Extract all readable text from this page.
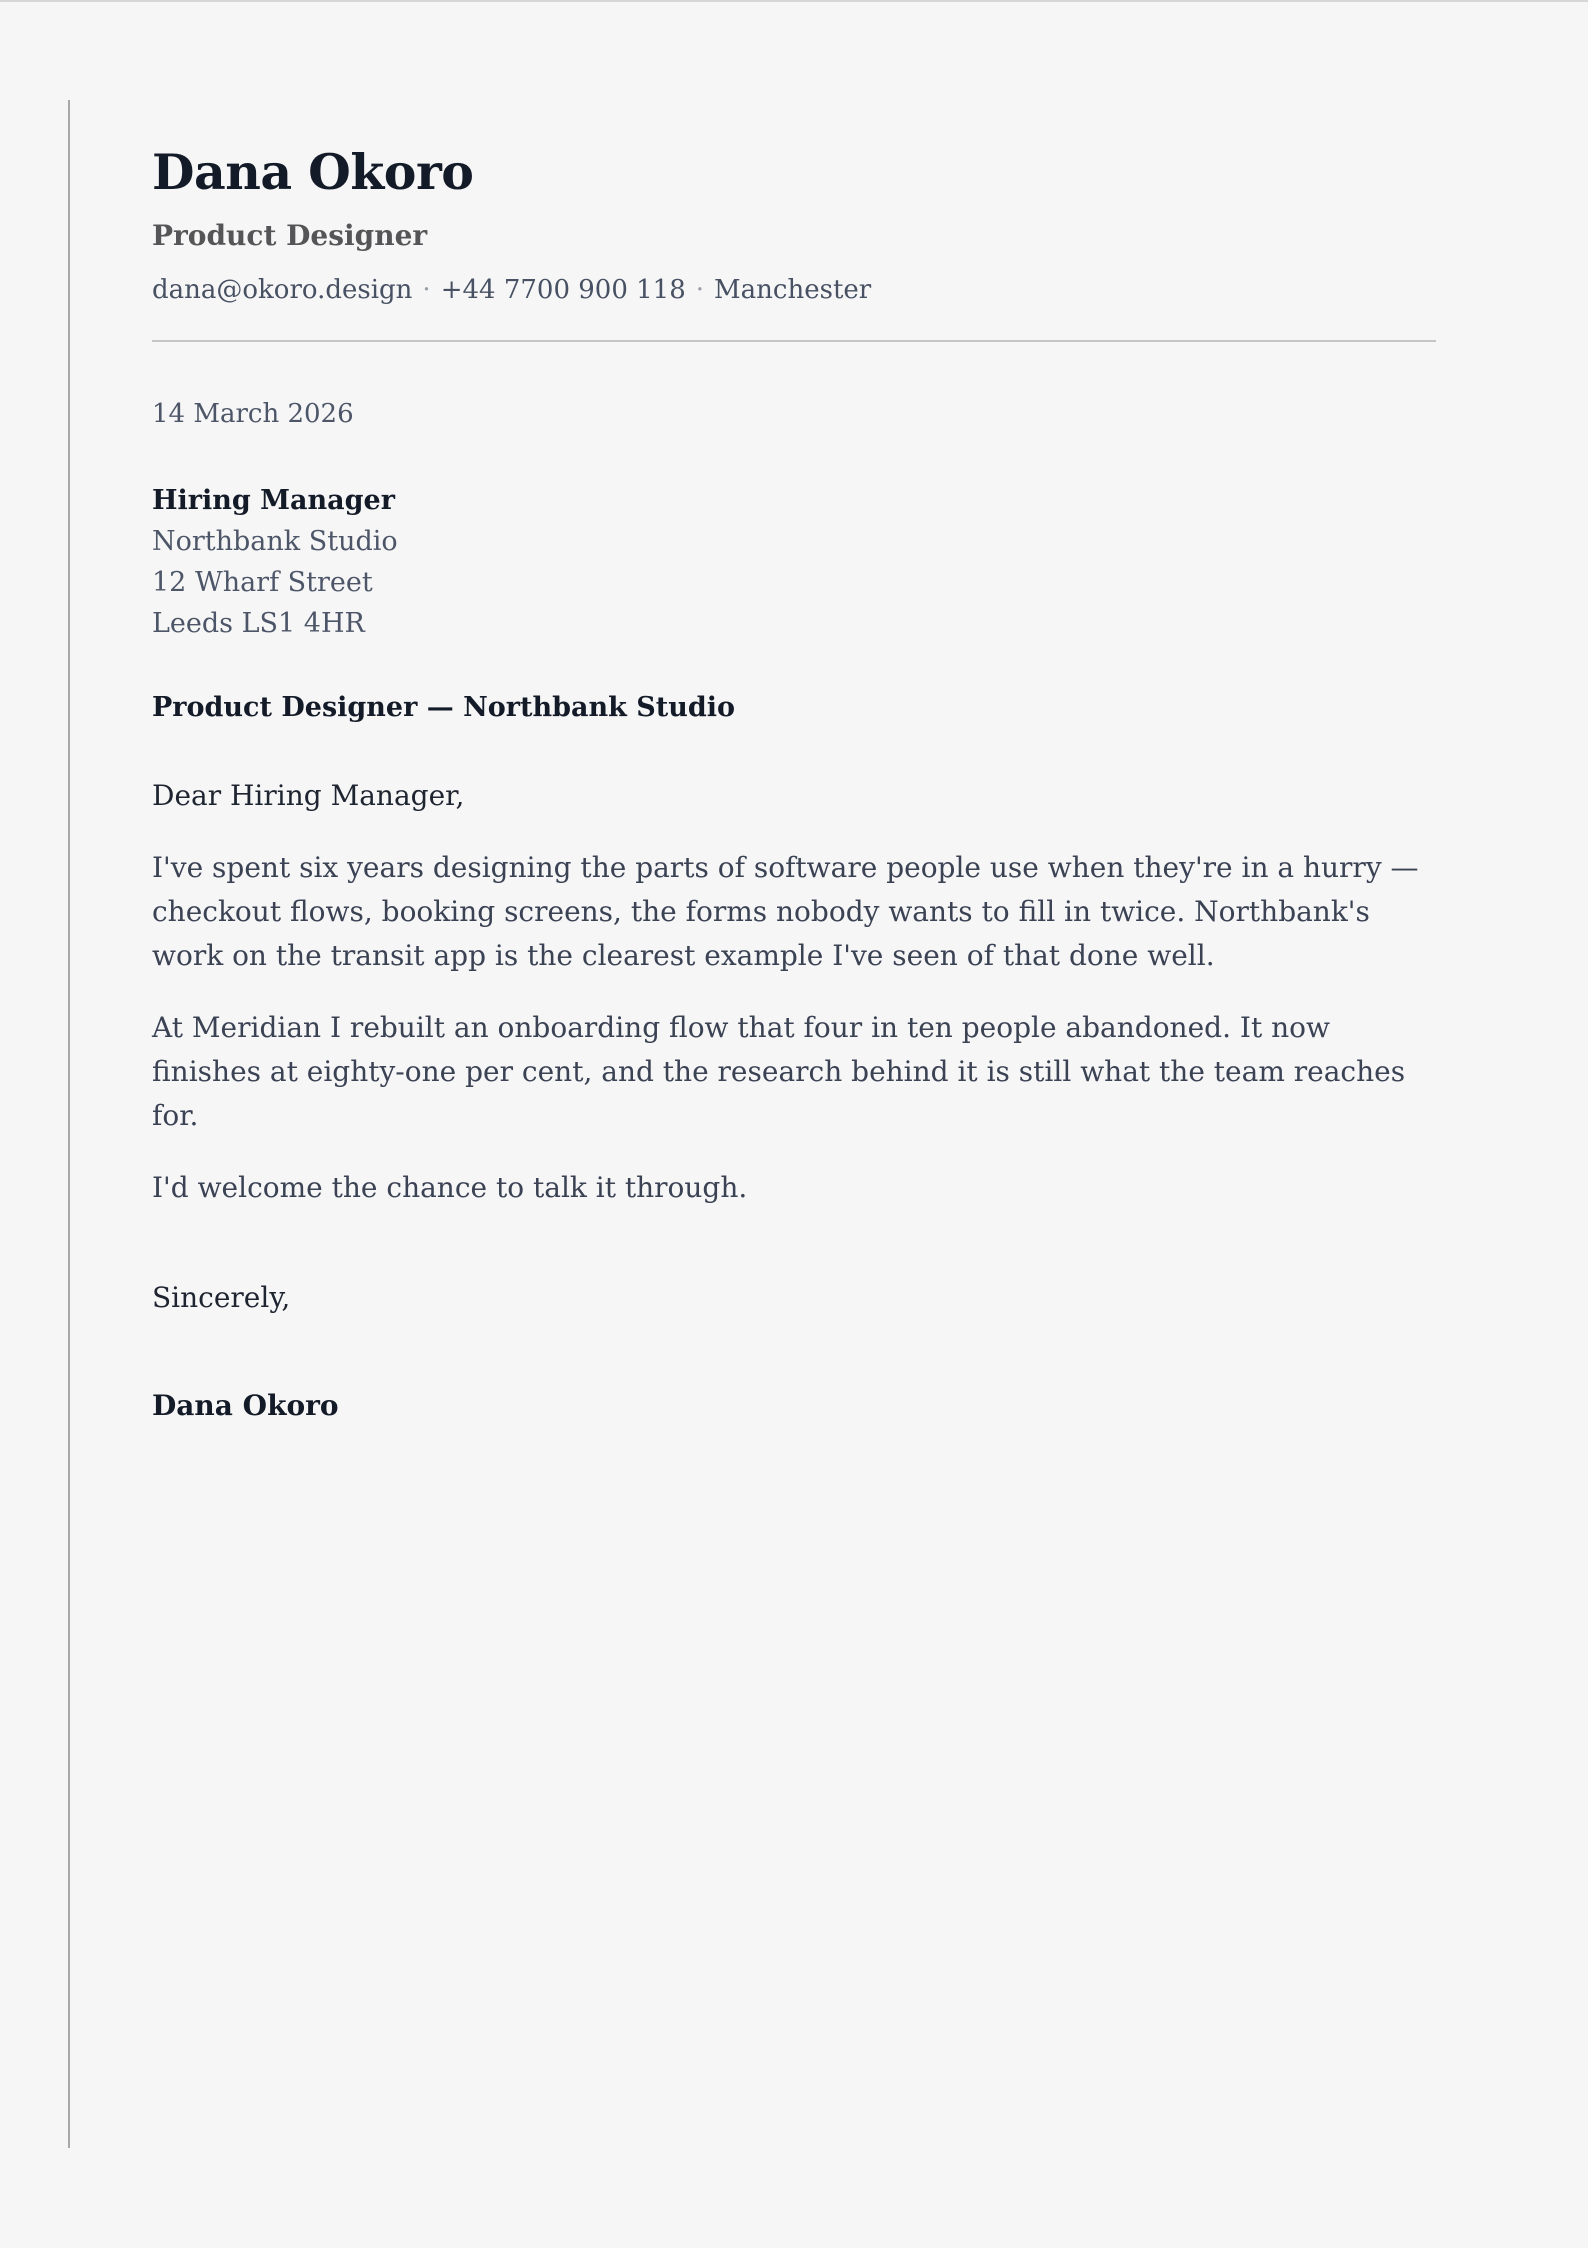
Dana Okoro
Product Designer
dana@okoro.design · +44 7700 900 118 · Manchester
14 March 2026
Hiring Manager
Northbank Studio
12 Wharf Street
Leeds LS1 4HR
Product Designer — Northbank Studio
Dear Hiring Manager,
I've spent six years designing the parts of software people use when they're in a hurry — checkout flows, booking screens, the forms nobody wants to fill in twice. Northbank's work on the transit app is the clearest example I've seen of that done well.
At Meridian I rebuilt an onboarding flow that four in ten people abandoned. It now finishes at eighty-one per cent, and the research behind it is still what the team reaches for.
I'd welcome the chance to talk it through.
Sincerely,
Dana Okoro
